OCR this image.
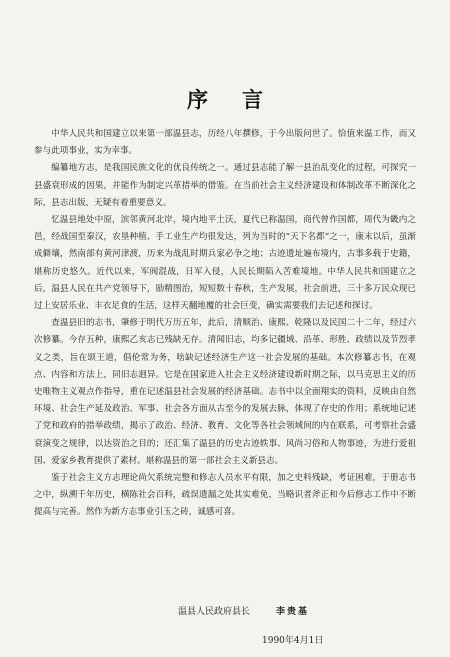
序言

中华人民共和国建立以来第一部温县志，历经八年撰修，于今出版问世了。恰值来温工作，而又参与此项事业，实为幸事。

编纂地方志，是我国民族文化的优良传统之一。通过县志能了解一县治乱变化的过程，可探究一县盛衰形成的因果，并能作为制定兴革措举的借鉴。在当前社会主义经济建设和体制改革不断深化之际，县志出版，无疑有着重要意义。

忆温县地处中原，滨邻黄河北岸，境内地平土沃，夏代已称温国，商代曾作国都，周代为畿内之邑，经战国至秦汉，农垦种植、手工业生产均很发达，列为当时的“天下名都”之一，康末以后，虽渐成僻壤，然南部有黄河津渡，历来为战乱时期兵家必争之地；古迹遗址遍布境内，古事多载于史籍，堪称历史悠久。近代以来，军阀混战，日军入侵，人民长期陷入苦难境地。中华人民共和国建立之后，温县人民在共产党领导下，励精图治，短短数十春秋，生产发展，社会前进，三十多万民众现已过上安居乐业、丰衣足食的生活，这样天翻地覆的社会巨变，确实需要我们去记述和探讨。

查温县旧的志书，肇修于明代万历五年，此后，清顺治、康熙、乾隆以及民国二十二年，经过六次修纂。今存五种，康熙乙亥志已残缺无存。清闻旧志，均多记疆域、沿革、形胜、政绩以及节烈孝义之类，旨在颂王道，倡伦常为务，啥缺记述经济生产这一社会发展的基础。本次修纂志书，在观点、内容和方法上，同旧志迥异。它是在国家进入社会主义经济建设新时期之际，以马克思主义的历史唯物主义观点作指导，重在记述温县社会发展的经济基础。志书中以全面翔实的资料，反映由自然环境、社会生产延及政治、军事、社会各方面从古至今的发展去脉，体现了存史的作用；系统地记述了党和政府的措举政绩，揭示了政治、经济、教育、文化等各社会领域间的内在联系，可考察社会盛衰演变之规律，以达资治之目的；还汇集了温县的历史古迹轶事、风尚习俗和人物事迹，为进行爱祖国、爱家乡教育提供了素材。堪称温县的第一部社会主义新县志。

鉴于社会主义方志理论尚欠系统完整和修志人员水平有限，加之史料残缺，考证困难，于册志书之中，纵溯千年历史，横陈社会百科，疏误遗漏之处其实难免，当略识者斧正和今后修志工作中不断提高与完善。然作为新方志事业引玉之砖，诚感可喜。

温县人民政府县长	李贵基
1990年4月1日
